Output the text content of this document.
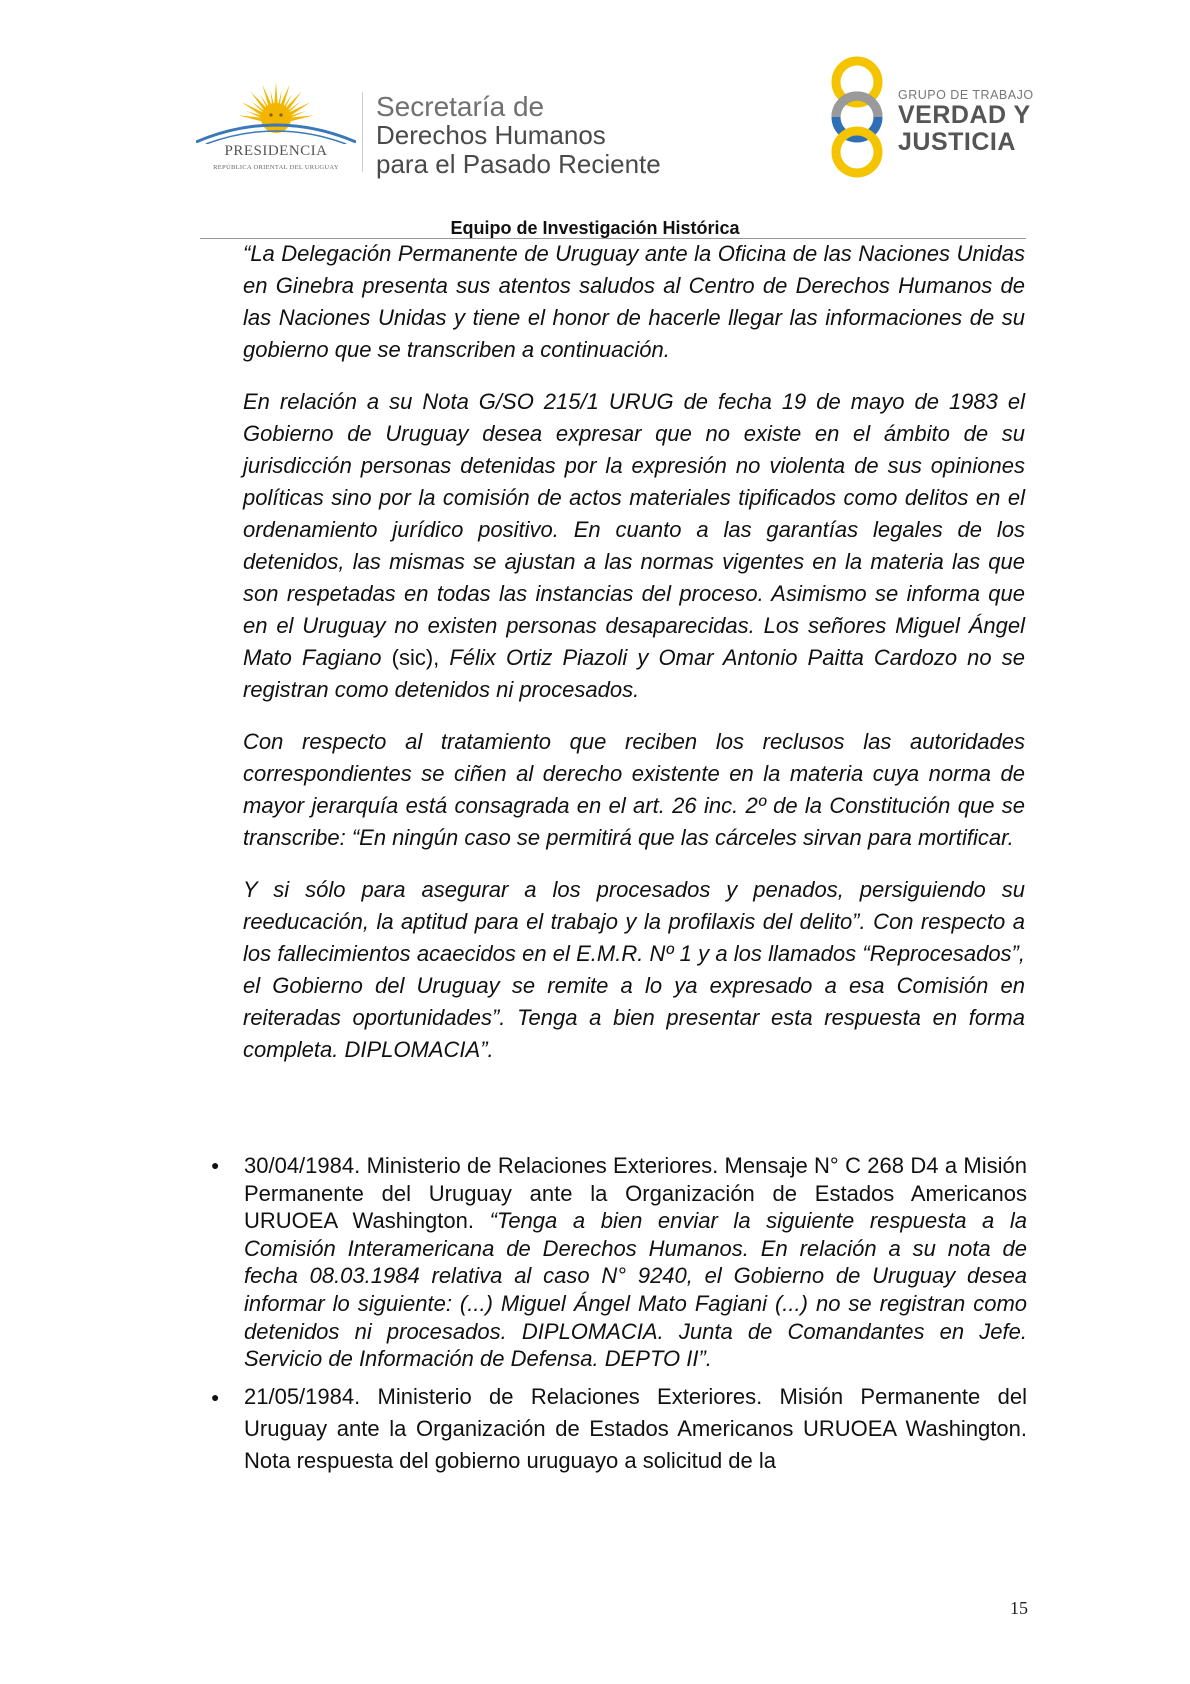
PRESIDENCIA
REPÚBLICA ORIENTAL DEL URUGUAY
Secretaría de
Derechos Humanos
para el Pasado Reciente
GRUPO DE TRABAJO
VERDAD Y
JUSTICIA
Equipo de Investigación Histórica

“La Delegación Permanente de Uruguay ante la Oficina de las Naciones Unidas en Ginebra presenta sus atentos saludos al Centro de Derechos Humanos de las Naciones Unidas y tiene el honor de hacerle llegar las informaciones de su gobierno que se transcriben a continuación.

En relación a su Nota G/SO 215/1 URUG de fecha 19 de mayo de 1983 el Gobierno de Uruguay desea expresar que no existe en el ámbito de su jurisdicción personas detenidas por la expresión no violenta de sus opiniones políticas sino por la comisión de actos materiales tipificados como delitos en el ordenamiento jurídico positivo. En cuanto a las garantías legales de los detenidos, las mismas se ajustan a las normas vigentes en la materia las que son respetadas en todas las instancias del proceso. Asimismo se informa que en el Uruguay no existen personas desaparecidas. Los señores Miguel Ángel Mato Fagiano (sic), Félix Ortiz Piazoli y Omar Antonio Paitta Cardozo no se registran como detenidos ni procesados.

Con respecto al tratamiento que reciben los reclusos las autoridades correspondientes se ciñen al derecho existente en la materia cuya norma de mayor jerarquía está consagrada en el art. 26 inc. 2º de la Constitución que se transcribe: “En ningún caso se permitirá que las cárceles sirvan para mortificar.

Y si sólo para asegurar a los procesados y penados, persiguiendo su reeducación, la aptitud para el trabajo y la profilaxis del delito”. Con respecto a los fallecimientos acaecidos en el E.M.R. Nº 1 y a los llamados “Reprocesados”, el Gobierno del Uruguay se remite a lo ya expresado a esa Comisión en reiteradas oportunidades”. Tenga a bien presentar esta respuesta en forma completa. DIPLOMACIA”.

● 30/04/1984. Ministerio de Relaciones Exteriores. Mensaje N° C 268 D4 a Misión Permanente del Uruguay ante la Organización de Estados Americanos URUOEA Washington. “Tenga a bien enviar la siguiente respuesta a la Comisión Interamericana de Derechos Humanos. En relación a su nota de fecha 08.03.1984 relativa al caso N° 9240, el Gobierno de Uruguay desea informar lo siguiente: (...) Miguel Ángel Mato Fagiani (...) no se registran como detenidos ni procesados. DIPLOMACIA. Junta de Comandantes en Jefe. Servicio de Información de Defensa. DEPTO II”.
● 21/05/1984. Ministerio de Relaciones Exteriores. Misión Permanente del Uruguay ante la Organización de Estados Americanos URUOEA Washington. Nota respuesta del gobierno uruguayo a solicitud de la
15
